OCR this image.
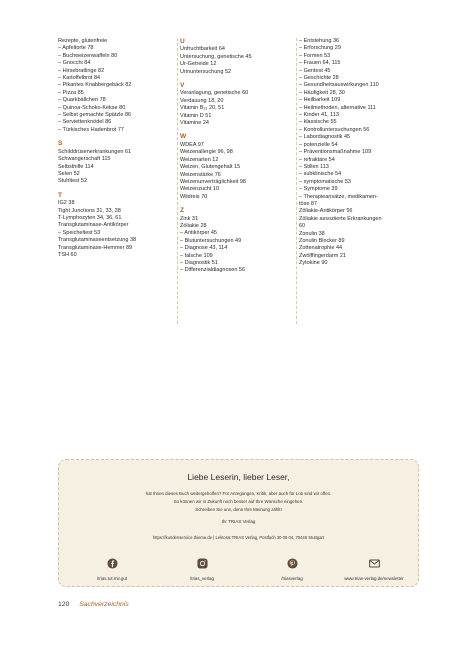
Rezepte, glutenfreie
– Apfeltorte 78
– Buchweizenwaffeln 80
– Gnocchi 84
– Hirsebratlinge 82
– Kartoffelbrot 84
– Pikantes Knabbergebäck 82
– Pizza 85
– Quarkbällchen 78
– Quinoa-Schoko-Kekse 80
– Selbst gemachte Spätzle 86
– Serviettenknödel 86
– Türkisches Hadenbrot 77
S
Schilddrüsenerkrankungen 61
Schwangerschaft 115
Selbsthilfe 114
Selen 52
Stuhltest 52
T
IG2 38
Tight Junctions 31, 33, 38
T-Lymphozyten 34, 36, 61
Transglutaminase-Antikörper
– Speicheltest 53
Transglutaminaseentsetzung 38
Transglutaminase-Hemmer 89
TSH 60
U
Unfruchtbarkeit 64
Untersuchung, genetische 45
Ur-Getreide 12
Urinuntersuchung 52
V
Veranlagung, genetische 60
Verdauung 18, 20
Vitamin B₁₂ 20, 51
Vitamin D 51
Vitamine 24
W
WDEA 97
Weizenallergie 96, 98
Weizenarten 12
Weizen, Glutengehalt 15
Weizenstärke 76
Weizenunverträglichkeit 98
Weizenzucht 10
Wildreis 70
Z
Zink 31
Zöliakie 28
– Antikörper 45
– Blutuntersuchungen 49
– Diagnose 43, 114
– falsche 109
– Diagnostik 51
– Differenzialdiagnosen 56
– Entstehung 36
– Erforschung 29
– Formen 53
– Frauen 64, 115
– Gentest 45
– Geschichte 28
– Gesundheitsauswirkungen 110
– Häufigkeit 28, 30
– Heilbarkeit 109
– Heilmethoden, alternative 111
– Kinder 41, 113
– klassische 55
– Kontrolluntersuchungen 56
– Labordiagnostik 45
– potenzielle 54
– Präventionsmaßnahme 109
– refraktäre 54
– Stillen 113
– subklinische 54
– symptomatische 53
– Symptome 39
– Therapieansätze, medikamen-
töse 87
Zöliakie-Antikörper 56
Zöliakie assoziierte Erkrankungen
60
Zonulin 38
Zonulin Blocker 89
Zottenatrophie 44
Zwölffingerdarm 21
Zytokine 90
Liebe Leserin, lieber Leser,
hat Ihnen dieses Buch weitergeholfen? Für Anregungen, Kritik, aber auch für Lob sind wir offen.
So können wir in Zukunft noch besser auf Ihre Wünsche eingehen.
Schreiben Sie uns, denn Ihre Meinung zählt!
Ihr TRIAS Verlag
https://kundenservice.thieme.de | Lektorat TRIAS Verlag, Postfach 30 05 04, 70445 Stuttgart
/trias.tut.mir.gut	/trias_verlag	/triasverlag	www.trias-verlag.de/newsletter
120 Sachverzeichnis
